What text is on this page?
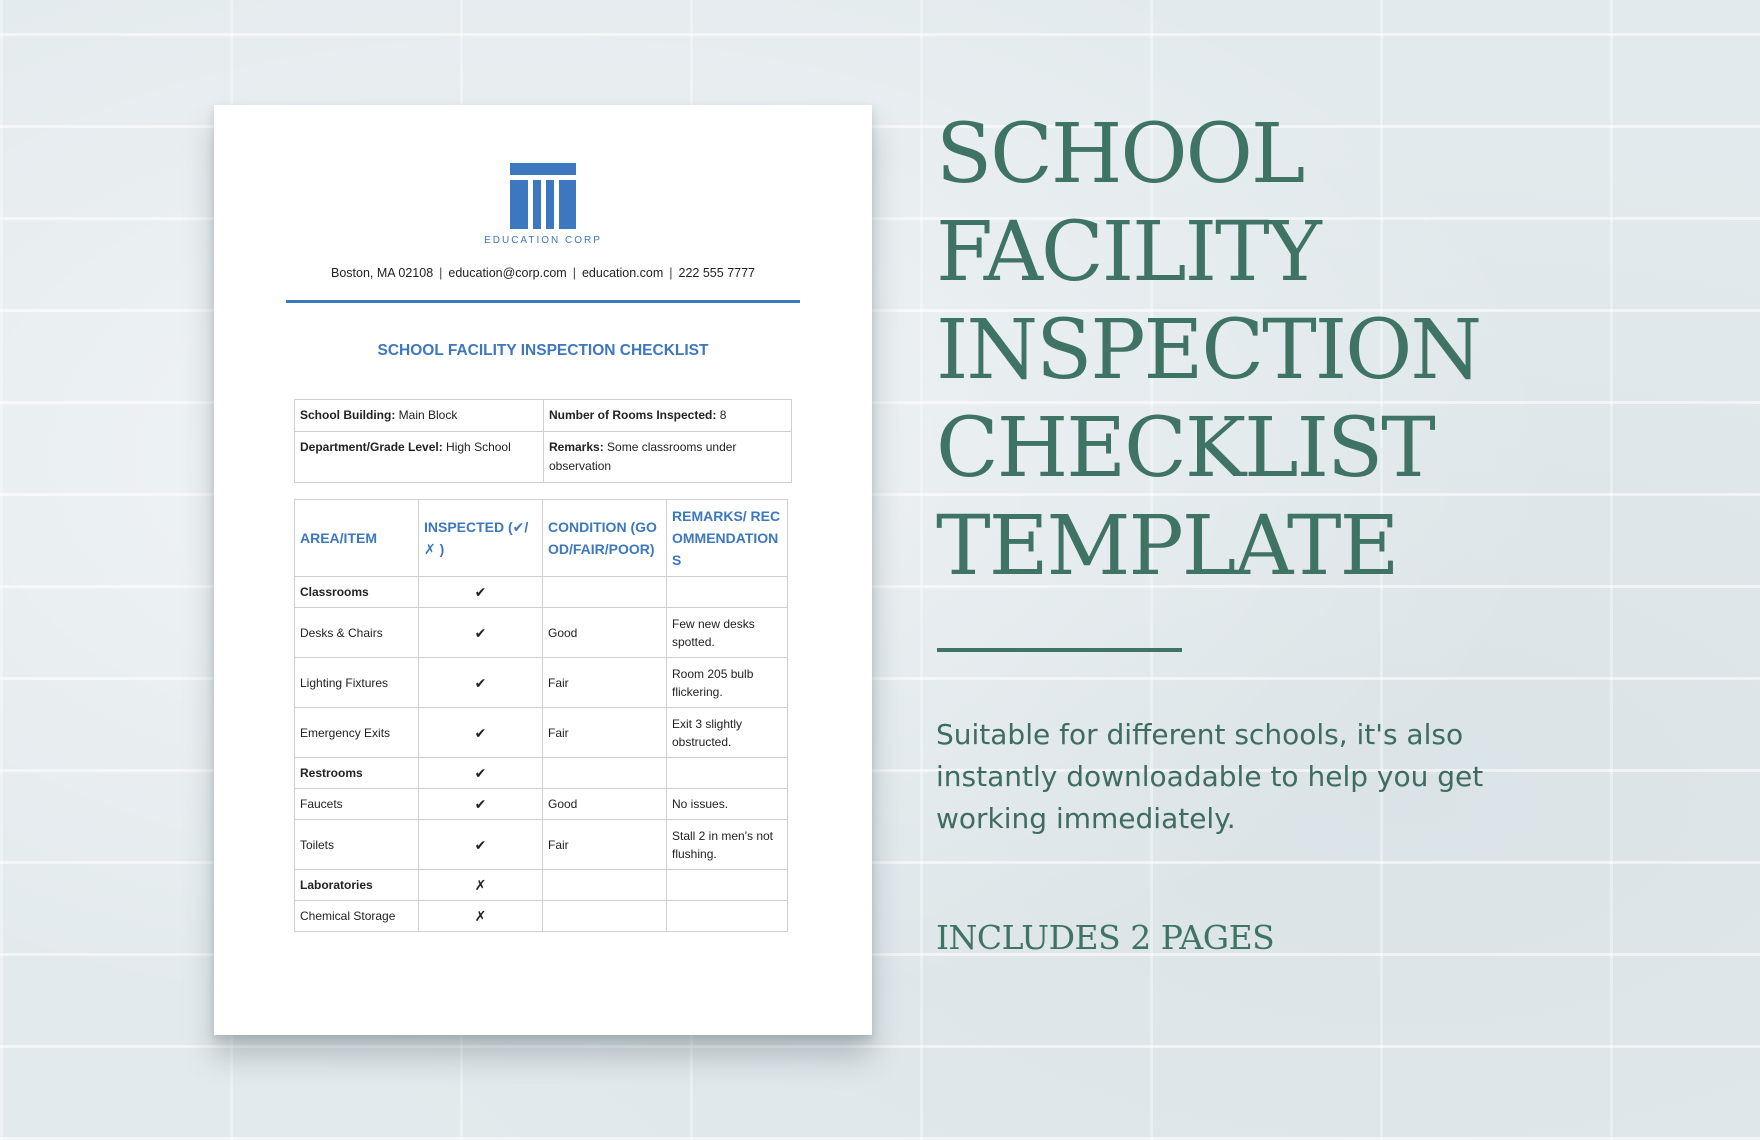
EDUCATION CORP
Boston, MA 02108 | education@corp.com | education.com | 222 555 7777
SCHOOL FACILITY INSPECTION CHECKLIST
School Building: Main Block	Number of Rooms Inspected: 8
Department/Grade Level: High School	Remarks: Some classrooms under observation
AREA/ITEM	INSPECTED (✔/ ✗ )	CONDITION (GOOD/FAIR/POOR)	REMARKS/ RECOMMENDATIONS
Classrooms	✔		
Desks & Chairs	✔	Good	Few new desks spotted.
Lighting Fixtures	✔	Fair	Room 205 bulb flickering.
Emergency Exits	✔	Fair	Exit 3 slightly obstructed.
Restrooms	✔		
Faucets	✔	Good	No issues.
Toilets	✔	Fair	Stall 2 in men's not flushing.
Laboratories	✗		
Chemical Storage	✗		
SCHOOL
FACILITY
INSPECTION
CHECKLIST
TEMPLATE
Suitable for different schools, it's also instantly downloadable to help you get working immediately.
INCLUDES 2 PAGES
